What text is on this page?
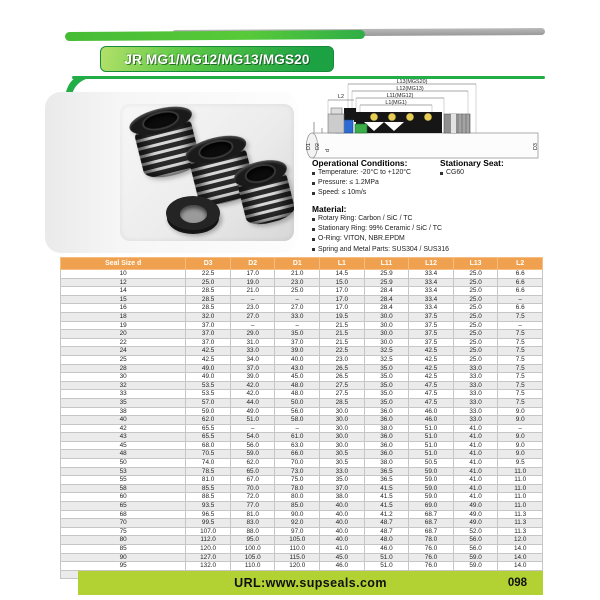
JR MG1/MG12/MG13/MGS20
L13(MGS20)
L12(MG13)
L11(MG12)
L1(MG1)
L2
D1 D2
d
D3
Operational Conditions:
Temperature: -20°C to +120°C
Pressure: ≤ 1.2MPa
Speed: ≤ 10m/s
Stationary Seat:
CG60
Material:
Rotary Ring: Carbon / SiC / TC
Stationary Ring: 99% Ceramic / SiC / TC
O-Ring: VITON, NBR.EPDM
Spring and Metal Parts: SUS304 / SUS316
Seal Size d	D3	D2	D1	L1	L11	L12	L13	L2
10	22.5	17.0	21.0	14.5	25.9	33.4	25.0	6.6
12	25.0	19.0	23.0	15.0	25.9	33.4	25.0	6.6
14	28.5	21.0	25.0	17.0	28.4	33.4	25.0	6.6
15	28.5	–	–	17.0	28.4	33.4	25.0	–
16	28.5	23.0	27.0	17.0	28.4	33.4	25.0	6.6
18	32.0	27.0	33.0	19.5	30.0	37.5	25.0	7.5
19	37.0	–	–	21.5	30.0	37.5	25.0	–
20	37.0	29.0	35.0	21.5	30.0	37.5	25.0	7.5
22	37.0	31.0	37.0	21.5	30.0	37.5	25.0	7.5
24	42.5	33.0	39.0	22.5	32.5	42.5	25.0	7.5
25	42.5	34.0	40.0	23.0	32.5	42.5	25.0	7.5
28	49.0	37.0	43.0	26.5	35.0	42.5	33.0	7.5
30	49.0	39.0	45.0	26.5	35.0	42.5	33.0	7.5
32	53.5	42.0	48.0	27.5	35.0	47.5	33.0	7.5
33	53.5	42.0	48.0	27.5	35.0	47.5	33.0	7.5
35	57.0	44.0	50.0	28.5	35.0	47.5	33.0	7.5
38	59.0	49.0	56.0	30.0	36.0	46.0	33.0	9.0
40	62.0	51.0	58.0	30.0	36.0	46.0	33.0	9.0
42	65.5	–	–	30.0	38.0	51.0	41.0	–
43	65.5	54.0	61.0	30.0	36.0	51.0	41.0	9.0
45	68.0	56.0	63.0	30.0	36.0	51.0	41.0	9.0
48	70.5	59.0	66.0	30.5	36.0	51.0	41.0	9.0
50	74.0	62.0	70.0	30.5	38.0	50.5	41.0	9.5
53	78.5	65.0	73.0	33.0	36.5	59.0	41.0	11.0
55	81.0	67.0	75.0	35.0	36.5	59.0	41.0	11.0
58	85.5	70.0	78.0	37.0	41.5	59.0	41.0	11.0
60	88.5	72.0	80.0	38.0	41.5	59.0	41.0	11.0
65	93.5	77.0	85.0	40.0	41.5	69.0	49.0	11.0
68	96.5	81.0	90.0	40.0	41.2	68.7	49.0	11.3
70	99.5	83.0	92.0	40.0	48.7	68.7	49.0	11.3
75	107.0	88.0	97.0	40.0	48.7	68.7	52.0	11.3
80	112.0	95.0	105.0	40.0	48.0	78.0	56.0	12.0
85	120.0	100.0	110.0	41.0	46.0	76.0	56.0	14.0
90	127.0	105.0	115.0	45.0	51.0	76.0	59.0	14.0
95	132.0	110.0	120.0	46.0	51.0	76.0	59.0	14.0

URL:www.supseals.com	098
